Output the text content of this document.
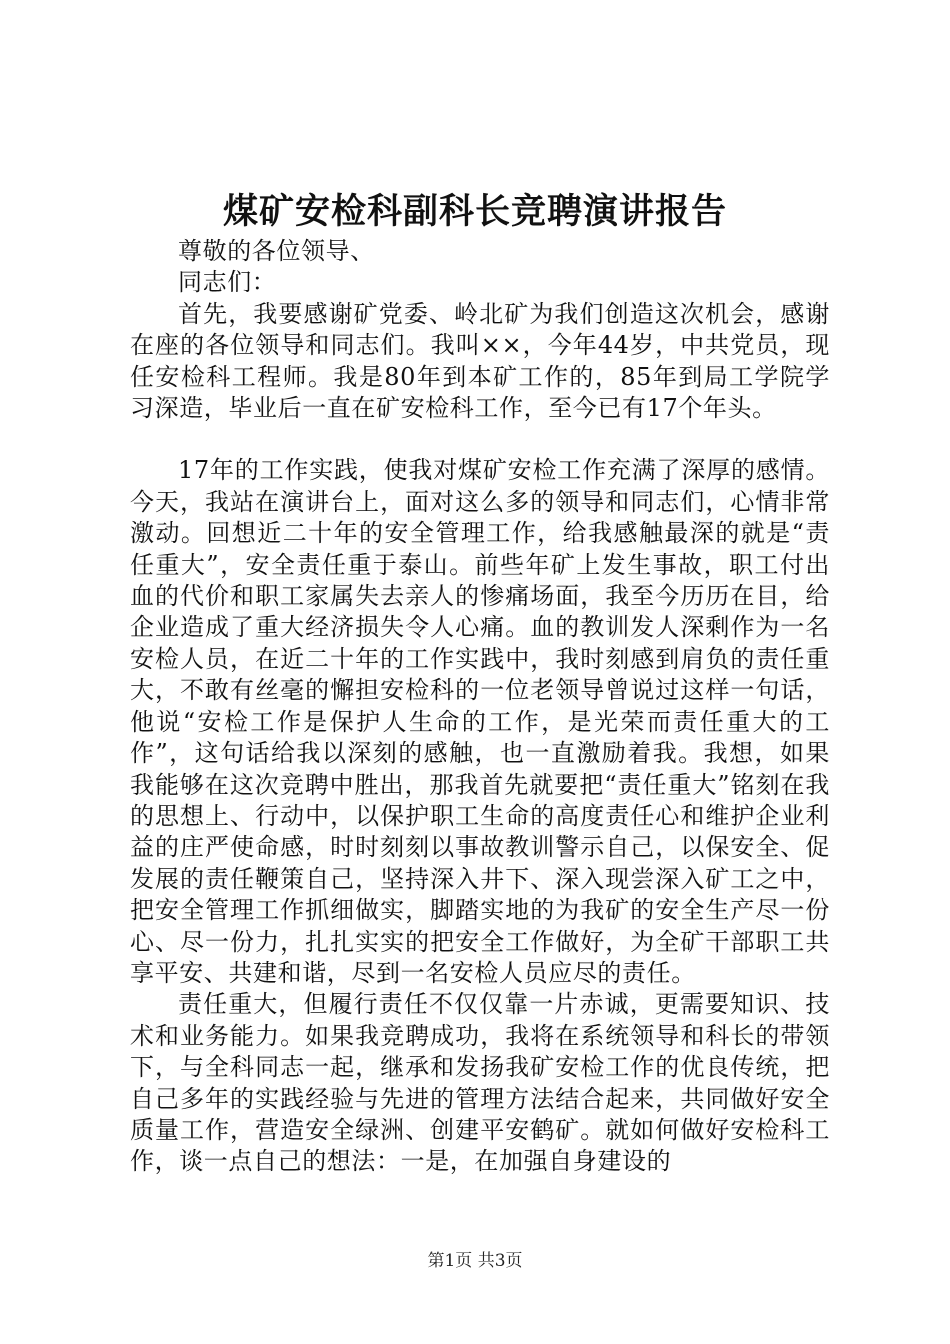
煤矿安检科副科长竞聘演讲报告

尊敬的各位领导、

同志们：

首先，我要感谢矿党委、岭北矿为我们创造这次机会，感谢在座的各位领导和同志们。我叫××，今年44岁，中共党员，现任安检科工程师。我是80年到本矿工作的，85年到局工学院学习深造，毕业后一直在矿安检科工作，至今已有17个年头。

17年的工作实践，使我对煤矿安检工作充满了深厚的感情。今天，我站在演讲台上，面对这么多的领导和同志们，心情非常激动。回想近二十年的安全管理工作，给我感触最深的就是“责任重大”，安全责任重于泰山。前些年矿上发生事故，职工付出血的代价和职工家属失去亲人的惨痛场面，我至今历历在目，给企业造成了重大经济损失令人心痛。血的教训发人深剩作为一名安检人员，在近二十年的工作实践中，我时刻感到肩负的责任重大，不敢有丝毫的懈担安检科的一位老领导曾说过这样一句话，他说“安检工作是保护人生命的工作，是光荣而责任重大的工作”，这句话给我以深刻的感触，也一直激励着我。我想，如果我能够在这次竞聘中胜出，那我首先就要把“责任重大”铭刻在我的思想上、行动中，以保护职工生命的高度责任心和维护企业利益的庄严使命感，时时刻刻以事故教训警示自己，以保安全、促发展的责任鞭策自己，坚持深入井下、深入现尝深入矿工之中，把安全管理工作抓细做实，脚踏实地的为我矿的安全生产尽一份心、尽一份力，扎扎实实的把安全工作做好，为全矿干部职工共享平安、共建和谐，尽到一名安检人员应尽的责任。

责任重大，但履行责任不仅仅靠一片赤诚，更需要知识、技术和业务能力。如果我竞聘成功，我将在系统领导和科长的带领下，与全科同志一起，继承和发扬我矿安检工作的优良传统，把自己多年的实践经验与先进的管理方法结合起来，共同做好安全质量工作，营造安全绿洲、创建平安鹤矿。就如何做好安检科工作，谈一点自己的想法：一是，在加强自身建设的

第1页 共3页
